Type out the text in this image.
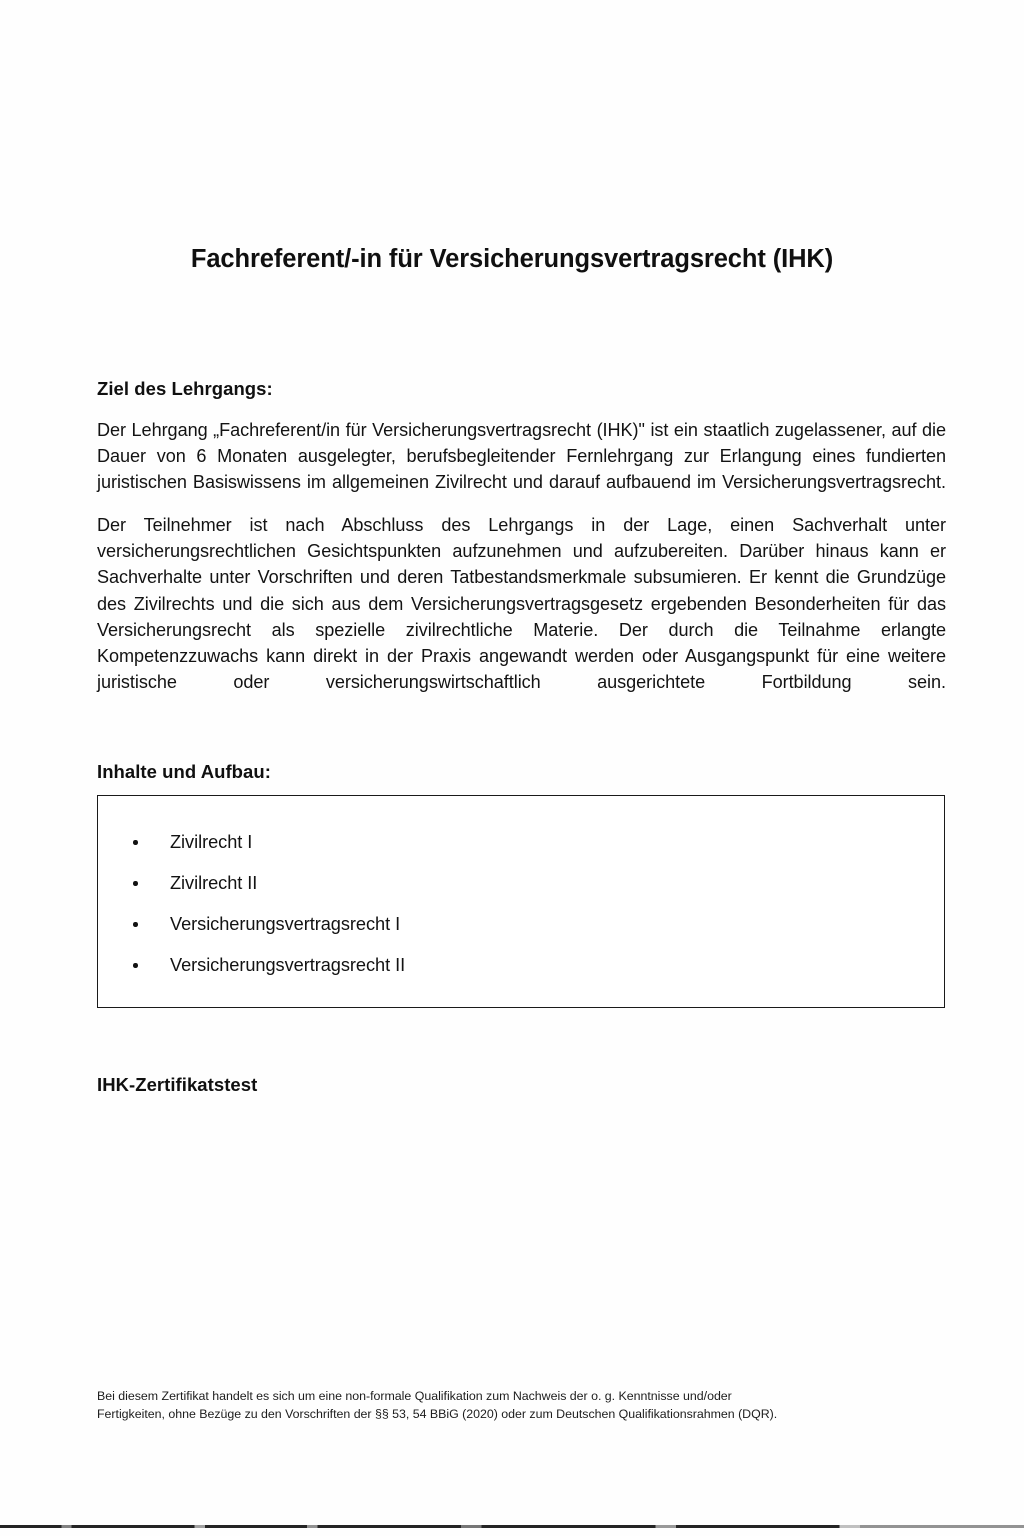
Fachreferent/-in für Versicherungsvertragsrecht (IHK)
Ziel des Lehrgangs:

Der Lehrgang „Fachreferent/in für Versicherungsvertragsrecht (IHK)" ist ein staatlich zugelassener, auf die Dauer von 6 Monaten ausgelegter, berufsbegleitender Fernlehrgang zur Erlangung eines fundierten juristischen Basiswissens im allgemeinen Zivilrecht und darauf aufbauend im Versicherungsvertragsrecht.

Der Teilnehmer ist nach Abschluss des Lehrgangs in der Lage, einen Sachverhalt unter versicherungsrechtlichen Gesichtspunkten aufzunehmen und aufzubereiten. Darüber hinaus kann er Sachverhalte unter Vorschriften und deren Tatbestandsmerkmale subsumieren. Er kennt die Grundzüge des Zivilrechts und die sich aus dem Versicherungsvertragsgesetz ergebenden Besonderheiten für das Versicherungsrecht als spezielle zivilrechtliche Materie. Der durch die Teilnahme erlangte Kompetenzzuwachs kann direkt in der Praxis angewandt werden oder Ausgangspunkt für eine weitere juristische oder versicherungswirtschaftlich ausgerichtete Fortbildung sein.

Inhalte und Aufbau:
Zivilrecht I
Zivilrecht II
Versicherungsvertragsrecht I
Versicherungsvertragsrecht II
IHK-Zertifikatstest

Bei diesem Zertifikat handelt es sich um eine non-formale Qualifikation zum Nachweis der o. g. Kenntnisse und/oder

Fertigkeiten, ohne Bezüge zu den Vorschriften der §§ 53, 54 BBiG (2020) oder zum Deutschen Qualifikationsrahmen (DQR).
